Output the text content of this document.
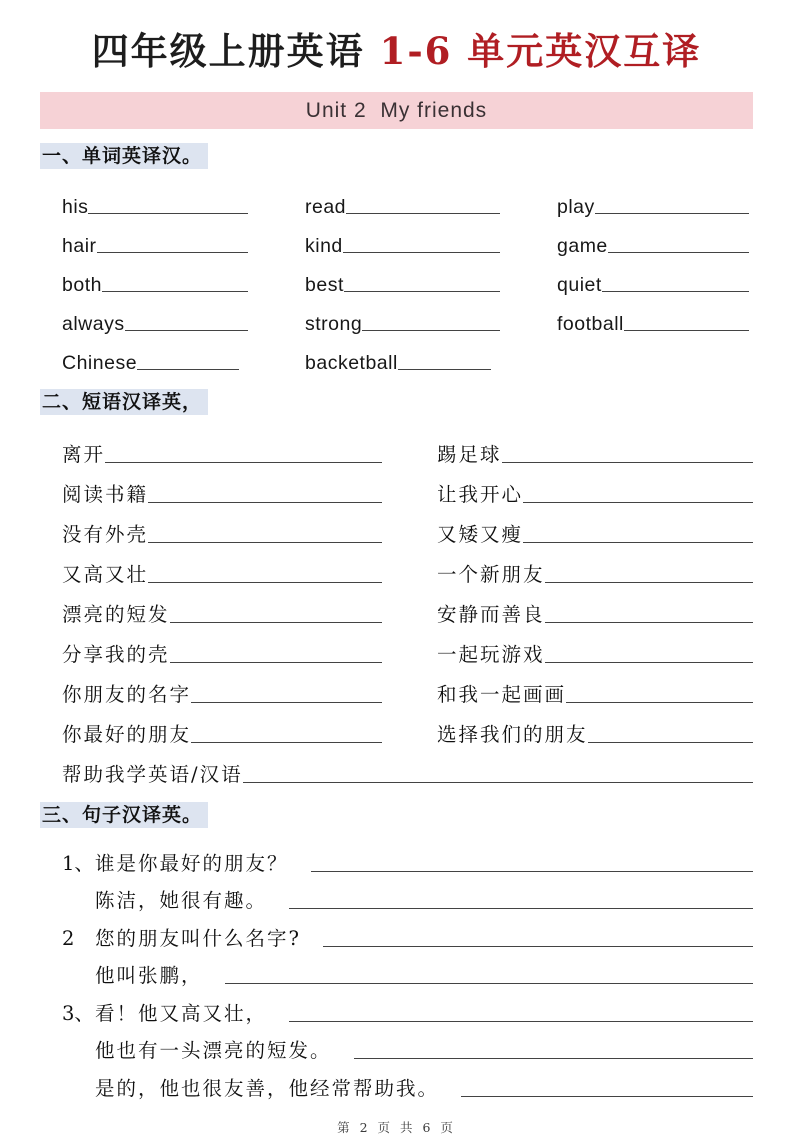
四年级上册英语 1-6 单元英汉互译
Unit 2  My friends
一、单词英译汉。
his	read	play
hair	kind	game
both	best	quiet
always	strong	football
Chinese	backetball
二、短语汉译英，
离开	踢足球
阅读书籍	让我开心
没有外壳	又矮又瘦
又高又壮	一个新朋友
漂亮的短发	安静而善良
分享我的壳	一起玩游戏
你朋友的名字	和我一起画画
你最好的朋友	选择我们的朋友
帮助我学英语/汉语
三、句子汉译英。
1、 谁是你最好的朋友？
陈洁，她很有趣。
2	您的朋友叫什么名字?
他叫张鹏，
3、 看！他又高又壮，
他也有一头漂亮的短发。
是的，他也很友善，他经常帮助我。
第 2 页 共 6 页
